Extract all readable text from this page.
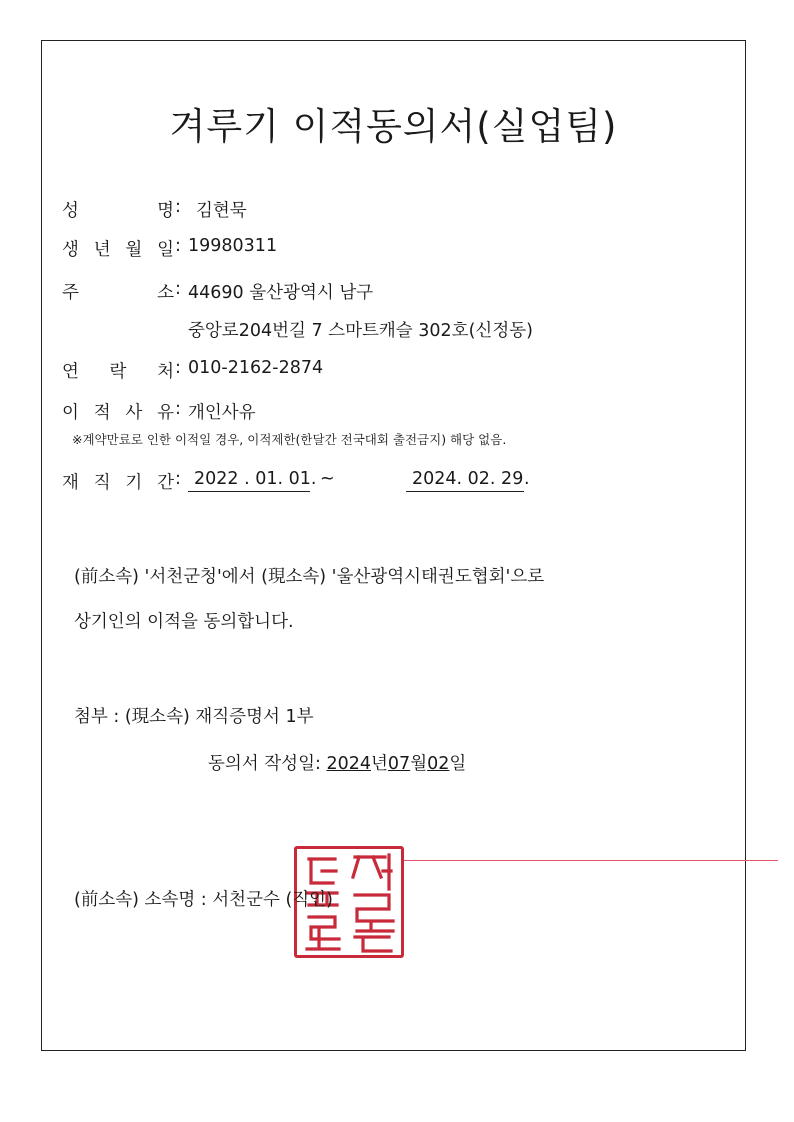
겨루기 이적동의서(실업팀)
성	명 : 김현묵
생 년 월 일 : 19980311
주	소 : 44690 울산광역시 남구
중앙로204번길 7 스마트캐슬 302호(신정동)
연 락 처 : 010-2162-2874
이 적 사 유 : 개인사유
※계약만료로 인한 이적일 경우, 이적제한(한달간 전국대회 출전금지) 해당 없음.
재 직 기 간 : 2022 . 01. 01. ~	2024. 02. 29 .
(前소속) '서천군청'에서 (現소속) '울산광역시태권도협회'으로
상기인의 이적을 동의합니다.
첨부 : (現소속) 재직증명서 1부
동의서 작성일: 2024년07월02일
(前소속) 소속명 : 서천군수 (직인)
